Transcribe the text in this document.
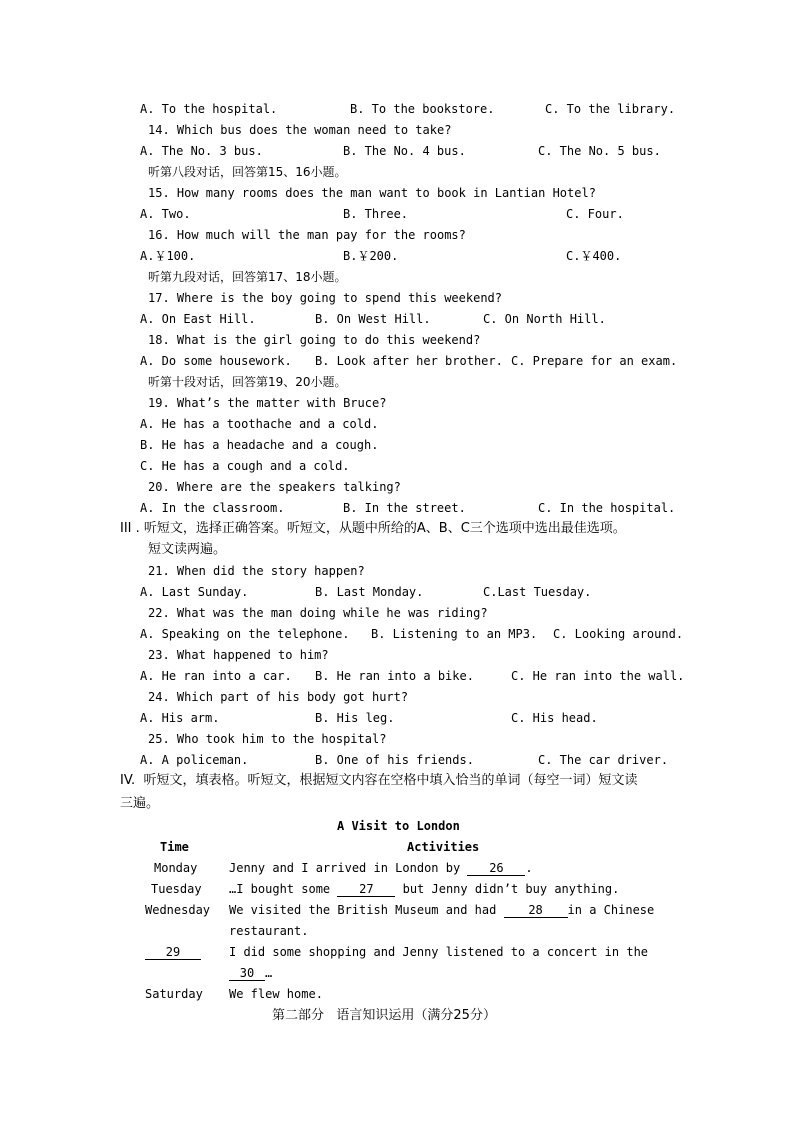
A. To the hospital.	B. To the bookstore.	C. To the library.
14. Which bus does the woman need to take?
A. The No. 3 bus.	B. The No. 4 bus.	C. The No. 5 bus.
听第八段对话，回答第15、16小题。
15. How many rooms does the man want to book in Lantian Hotel?
A. Two.	B. Three.	C. Four.
16. How much will the man pay for the rooms?
A.￥100.	B.￥200.	C.￥400.
听第九段对话，回答第17、18小题。
17. Where is the boy going to spend this weekend?
A. On East Hill.	B. On West Hill.	C. On North Hill.
18. What is the girl going to do this weekend?
A. Do some housework. B. Look after her brother. C. Prepare for an exam.
听第十段对话，回答第19、20小题。
19. What’s the matter with Bruce?
A. He has a toothache and a cold.
B. He has a headache and a cough.
C. He has a cough and a cold.
20. Where are the speakers talking?
A. In the classroom.	B. In the street.	C. In the hospital.
III . 听短文，选择正确答案。听短文，从题中所给的A、B、C三个选项中选出最佳选项。
短文读两遍。
21. When did the story happen?
A. Last Sunday.	B. Last Monday.	C.Last Tuesday.
22. What was the man doing while he was riding?
A. Speaking on the telephone. B. Listening to an MP3. C. Looking around.
23. What happened to him?
A. He ran into a car. B. He ran into a bike.	C. He ran into the wall.
24. Which part of his body got hurt?
A. His arm.	B. His leg.	C. His head.
25. Who took him to the hospital?
A. A policeman.	B. One of his friends.	C. The car driver.
IV.  听短文，填表格。听短文，根据短文内容在空格中填入恰当的单词（每空一词）短文读
三遍。
A Visit to London
Time	Activities
Monday	Jenny and I arrived in London by 26 .
Tuesday …I bought some 27 but Jenny didn’t buy anything.
Wednesday We visited the British Museum and had 28 in a Chinese
restaurant.
29	I did some shopping and Jenny listened to a concert in the
30 …
Saturday We flew home.
第二部分   语言知识运用（满分25分）
